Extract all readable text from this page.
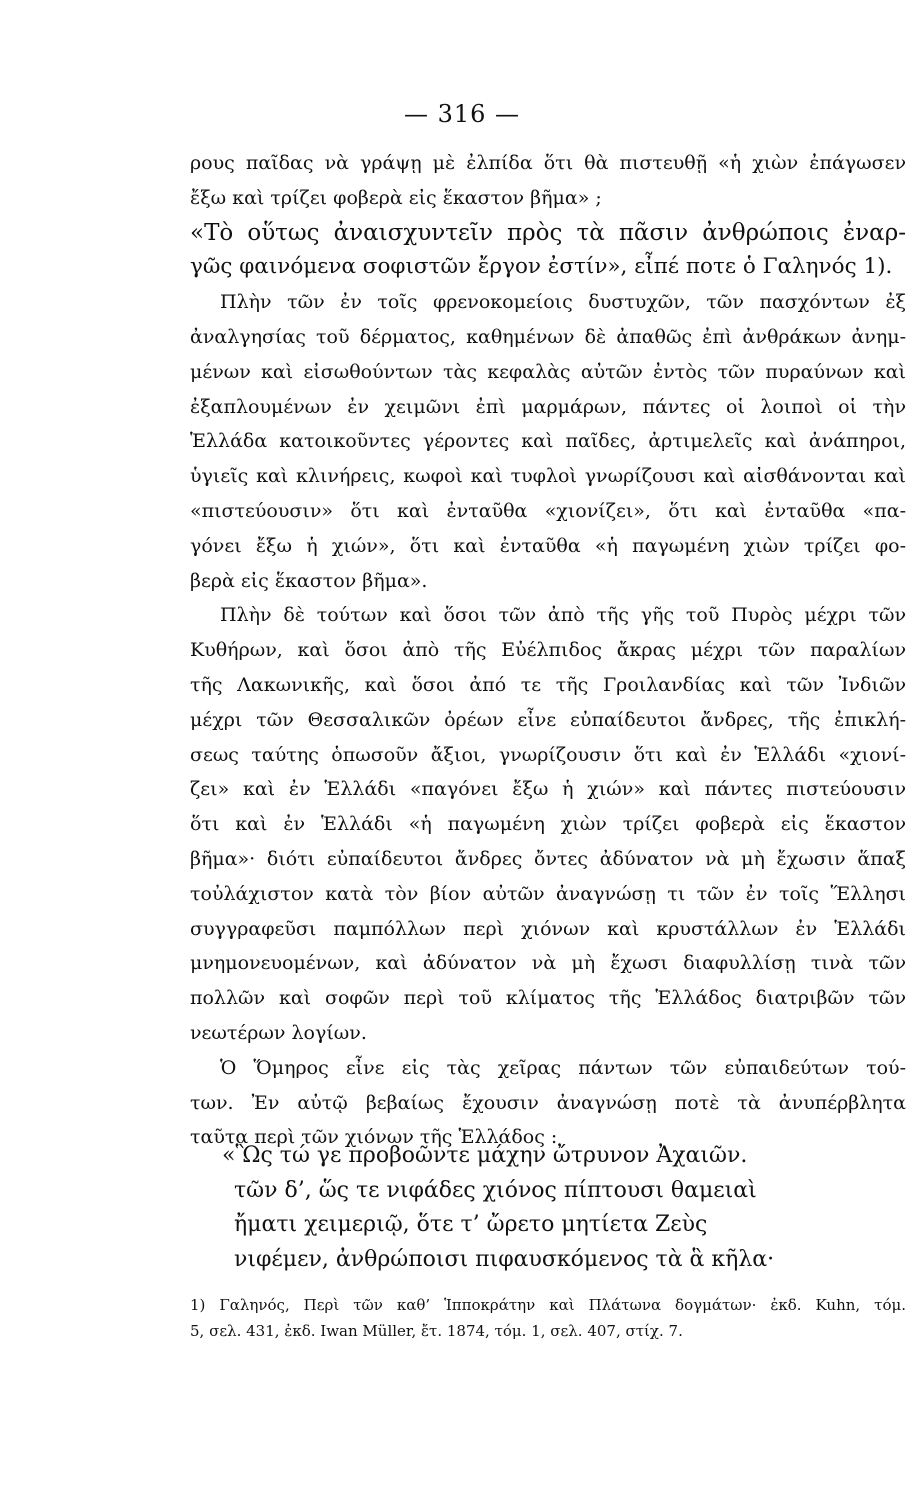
— 316 —
ρους παῖδας νὰ γράψῃ μὲ ἐλπίδα ὅτι θὰ πιστευθῇ «ἡ χιὼν ἐπάγωσεν
ἔξω καὶ τρίζει φοβερὰ εἰς ἕκαστον βῆμα» ;
«Τὸ οὕτως ἀναισχυντεῖν πρὸς τὰ πᾶσιν ἀνθρώποις ἐναρ-
γῶς φαινόμενα σοφιστῶν ἔργον ἐστίν», εἶπέ ποτε ὁ Γαληνός 1).
Πλὴν τῶν ἐν τοῖς φρενοκομείοις δυστυχῶν, τῶν πασχόντων ἐξ
ἀναλγησίας τοῦ δέρματος, καθημένων δὲ ἀπαθῶς ἐπὶ ἀνθράκων ἀνημ-
μένων καὶ εἰσωθούντων τὰς κεφαλὰς αὐτῶν ἐντὸς τῶν πυραύνων καὶ
ἐξαπλουμένων ἐν χειμῶνι ἐπὶ μαρμάρων, πάντες οἱ λοιποὶ οἱ τὴν
Ἑλλάδα κατοικοῦντες γέροντες καὶ παῖδες, ἀρτιμελεῖς καὶ ἀνάπηροι,
ὑγιεῖς καὶ κλινήρεις, κωφοὶ καὶ τυφλοὶ γνωρίζουσι καὶ αἰσθάνονται καὶ
«πιστεύουσιν» ὅτι καὶ ἐνταῦθα «χιονίζει», ὅτι καὶ ἐνταῦθα «πα-
γόνει ἔξω ἡ χιών», ὅτι καὶ ἐνταῦθα «ἡ παγωμένη χιὼν τρίζει φο-
βερὰ εἰς ἕκαστον βῆμα».
Πλὴν δὲ τούτων καὶ ὅσοι τῶν ἀπὸ τῆς γῆς τοῦ Πυρὸς μέχρι τῶν
Κυθήρων, καὶ ὅσοι ἀπὸ τῆς Εὐέλπιδος ἄκρας μέχρι τῶν παραλίων
τῆς Λακωνικῆς, καὶ ὅσοι ἀπό τε τῆς Γροιλανδίας καὶ τῶν Ἰνδιῶν
μέχρι τῶν Θεσσαλικῶν ὀρέων εἶνε εὐπαίδευτοι ἄνδρες, τῆς ἐπικλή-
σεως ταύτης ὁπωσοῦν ἄξιοι, γνωρίζουσιν ὅτι καὶ ἐν Ἑλλάδι «χιονί-
ζει» καὶ ἐν Ἑλλάδι «παγόνει ἔξω ἡ χιών» καὶ πάντες πιστεύουσιν
ὅτι καὶ ἐν Ἑλλάδι «ἡ παγωμένη χιὼν τρίζει φοβερὰ εἰς ἕκαστον
βῆμα»· διότι εὐπαίδευτοι ἄνδρες ὄντες ἀδύνατον νὰ μὴ ἔχωσιν ἅπαξ
τοὐλάχιστον κατὰ τὸν βίον αὐτῶν ἀναγνώσῃ τι τῶν ἐν τοῖς Ἕλλησι
συγγραφεῦσι παμπόλλων περὶ χιόνων καὶ κρυστάλλων ἐν Ἑλλάδι
μνημονευομένων, καὶ ἀδύνατον νὰ μὴ ἔχωσι διαφυλλίσῃ τινὰ τῶν
πολλῶν καὶ σοφῶν περὶ τοῦ κλίματος τῆς Ἑλλάδος διατριβῶν τῶν
νεωτέρων λογίων.
Ὁ Ὅμηρος εἶνε εἰς τὰς χεῖρας πάντων τῶν εὐπαιδεύτων τού-
των. Ἐν αὐτῷ βεβαίως ἔχουσιν ἀναγνώσῃ ποτὲ τὰ ἀνυπέρβλητα
ταῦτα περὶ τῶν χιόνων τῆς Ἑλλάδος :
«Ὣς τώ γε προβοῶντε μάχην ὤτρυνον Ἀχαιῶν.
τῶν δ’, ὥς τε νιφάδες χιόνος πίπτουσι θαμειαὶ
ἤματι χειμεριῷ, ὅτε τ’ ὤρετο μητίετα Ζεὺς
νιφέμεν, ἀνθρώποισι πιφαυσκόμενος τὰ ἃ κῆλα·
1) Γαληνός, Περὶ τῶν καθ’ Ἱπποκράτην καὶ Πλάτωνα δογμάτων· ἐκδ. Kuhn, τόμ.
5, σελ. 431, ἐκδ. Iwan Müller, ἔτ. 1874, τόμ. 1, σελ. 407, στίχ. 7.
